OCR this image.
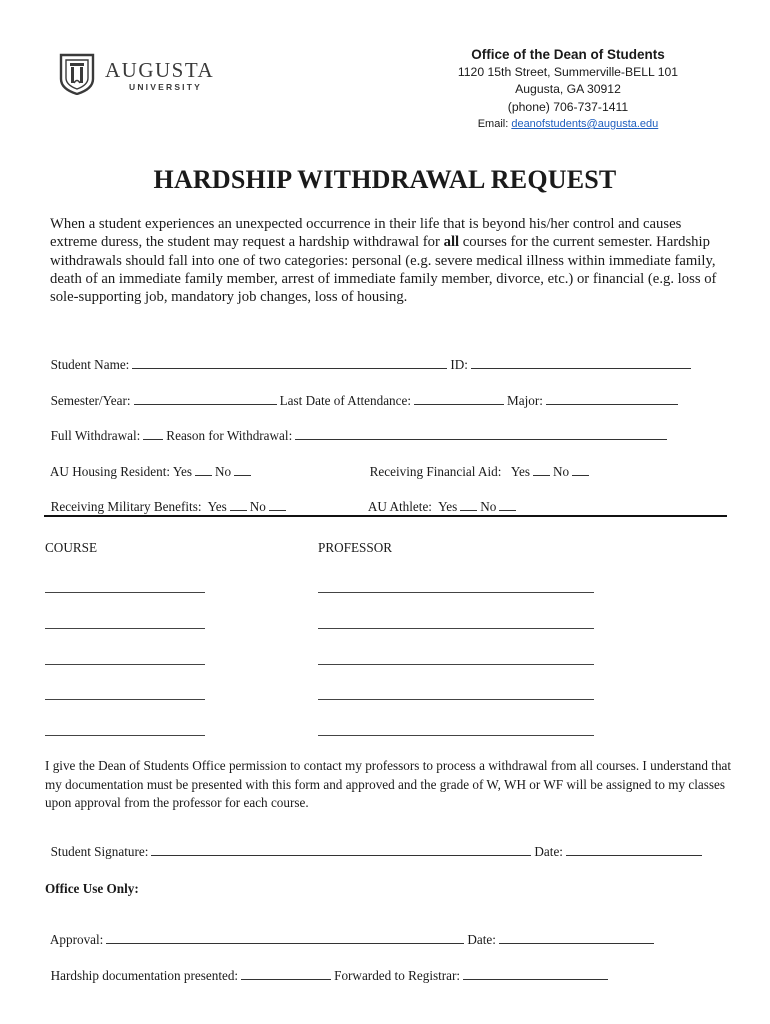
AUGUSTA
UNIVERSITY
Office of the Dean of Students
1120 15th Street, Summerville-BELL 101
Augusta, GA 30912
(phone) 706-737-1411
Email: deanofstudents@augusta.edu
HARDSHIP WITHDRAWAL REQUEST
When a student experiences an unexpected occurrence in their life that is beyond his/her control and causes extreme duress, the student may request a hardship withdrawal for all courses for the current semester. Hardship withdrawals should fall into one of two categories: personal (e.g. severe medical illness within immediate family, death of an immediate family member, arrest of immediate family member, divorce, etc.) or financial (e.g. loss of sole-supporting job, mandatory job changes, loss of housing.

Student Name:	ID:

Semester/Year:	Last Date of Attendance:	Major:

Full Withdrawal: Reason for Withdrawal:

AU Housing Resident: Yes No	Receiving Financial Aid:   Yes No

Receiving Military Benefits:  Yes No	AU Athlete:  Yes No

COURSE	PROFESSOR
I give the Dean of Students Office permission to contact my professors to process a withdrawal from all courses. I understand that my documentation must be presented with this form and approved and the grade of W, WH or WF will be assigned to my classes upon approval from the professor for each course.

Student Signature:	Date:

Office Use Only:

Approval:	Date:

Hardship documentation presented:	Forwarded to Registrar:
